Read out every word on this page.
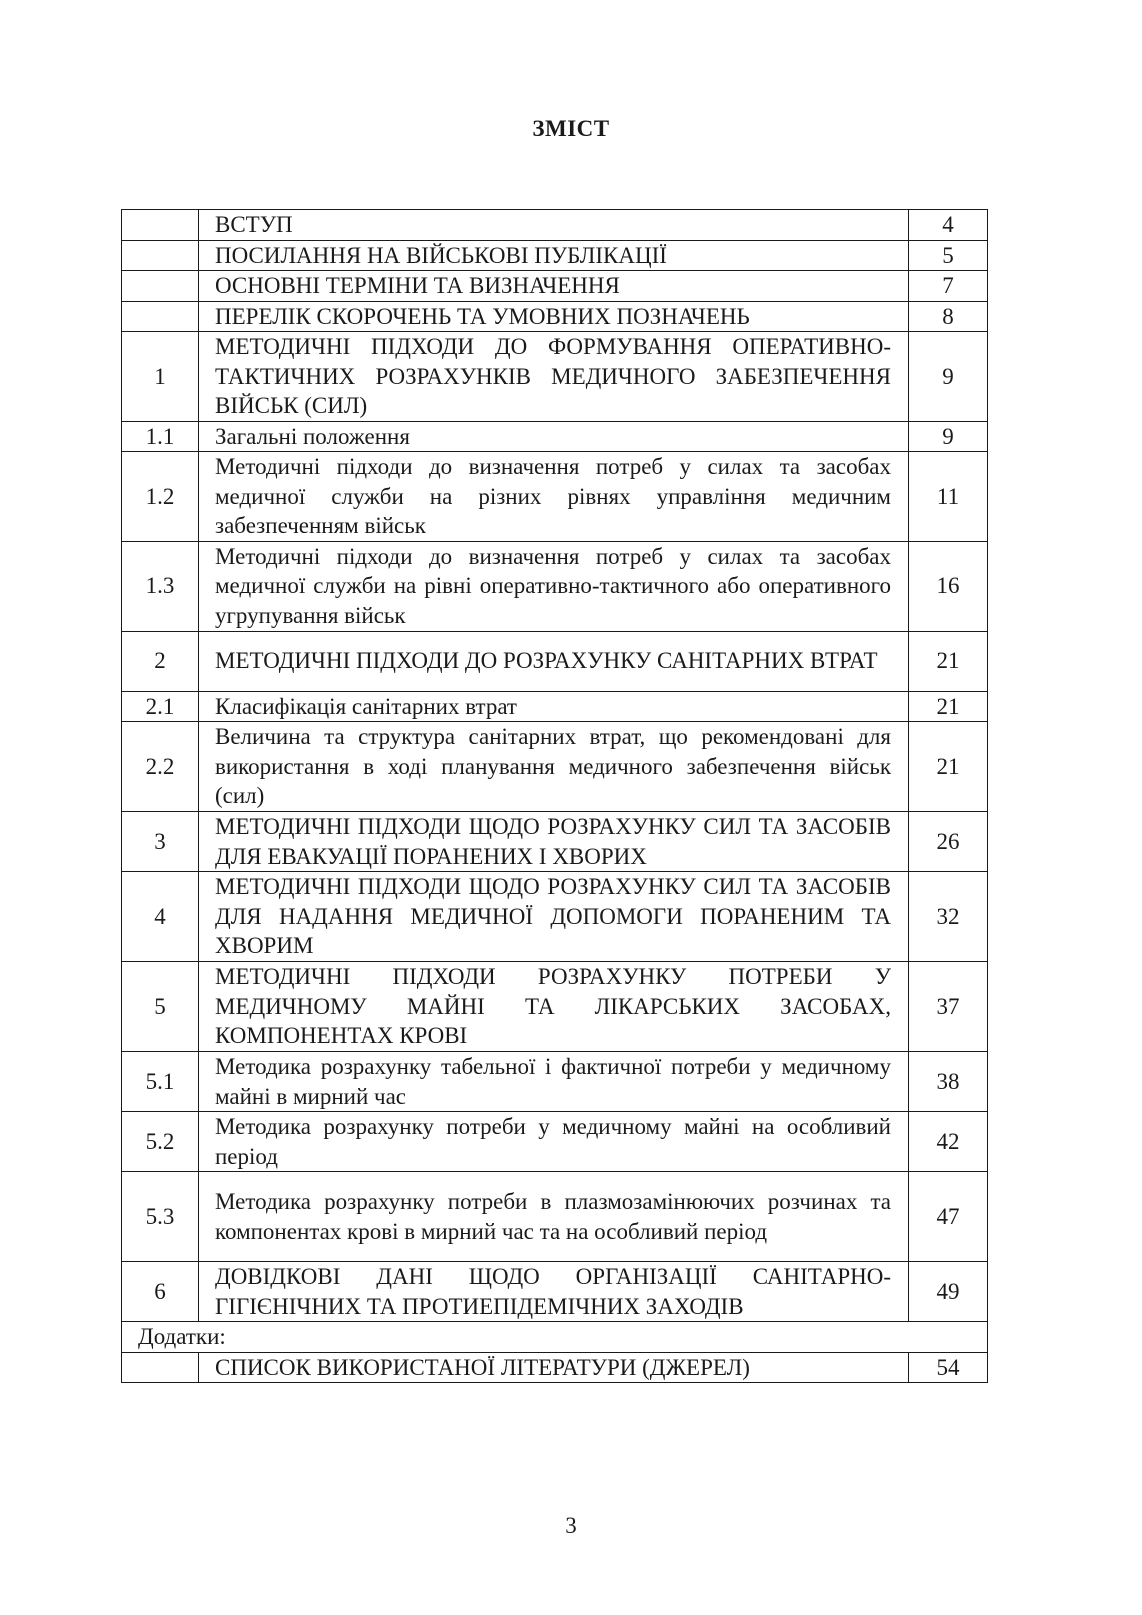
ЗМІСТ
	ВСТУП	4
	ПОСИЛАННЯ НА ВІЙСЬКОВІ ПУБЛІКАЦІЇ	5
	ОСНОВНІ ТЕРМІНИ ТА ВИЗНАЧЕННЯ	7
	ПЕРЕЛІК СКОРОЧЕНЬ ТА УМОВНИХ ПОЗНАЧЕНЬ	8
1	МЕТОДИЧНІ ПІДХОДИ ДО ФОРМУВАННЯ ОПЕРАТИВНО-ТАКТИЧНИХ РОЗРАХУНКІВ МЕДИЧНОГО ЗАБЕЗПЕЧЕННЯ ВІЙСЬК (СИЛ)	9
1.1	Загальні положення	9
1.2	Методичні підходи до визначення потреб у силах та засобах медичної служби на різних рівнях управління медичним забезпеченням військ	11
1.3	Методичні підходи до визначення потреб у силах та засобах медичної служби на рівні оперативно-тактичного або оперативного угрупування військ	16
2	МЕТОДИЧНІ ПІДХОДИ ДО РОЗРАХУНКУ САНІТАРНИХ ВТРАТ	21
2.1	Класифікація санітарних втрат	21
2.2	Величина та структура санітарних втрат, що рекомендовані для використання в ході планування медичного забезпечення військ (сил)	21
3	МЕТОДИЧНІ ПІДХОДИ ЩОДО РОЗРАХУНКУ СИЛ ТА ЗАСОБІВ ДЛЯ ЕВАКУАЦІЇ ПОРАНЕНИХ І ХВОРИХ	26
4	МЕТОДИЧНІ ПІДХОДИ ЩОДО РОЗРАХУНКУ СИЛ ТА ЗАСОБІВ ДЛЯ НАДАННЯ МЕДИЧНОЇ ДОПОМОГИ ПОРАНЕНИМ ТА ХВОРИМ	32
5	МЕТОДИЧНІ ПІДХОДИ РОЗРАХУНКУ ПОТРЕБИ У МЕДИЧНОМУ МАЙНІ ТА ЛІКАРСЬКИХ ЗАСОБАХ, КОМПОНЕНТАХ КРОВІ	37
5.1	Методика розрахунку табельної і фактичної потреби у медичному майні в мирний час	38
5.2	Методика розрахунку потреби у медичному майні на особливий період	42
5.3	Методика розрахунку потреби в плазмозамінюючих розчинах та компонентах крові в мирний час та на особливий період	47
6	ДОВІДКОВІ ДАНІ ЩОДО ОРГАНІЗАЦІЇ САНІТАРНО-ГІГІЄНІЧНИХ ТА ПРОТИЕПІДЕМІЧНИХ ЗАХОДІВ	49
Додатки:		
	СПИСОК ВИКОРИСТАНОЇ ЛІТЕРАТУРИ (ДЖЕРЕЛ)	54
3
